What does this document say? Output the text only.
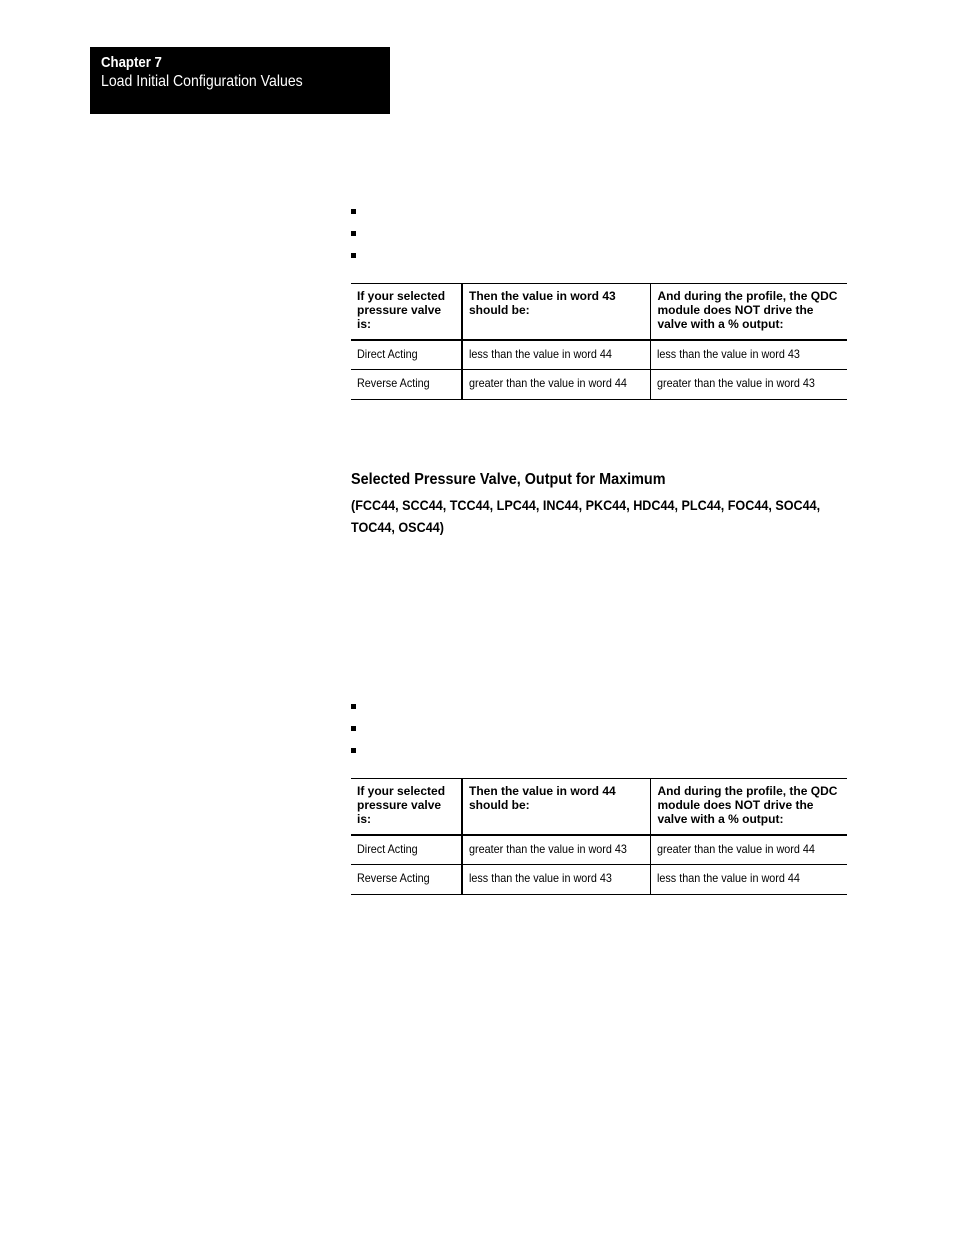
Chapter 7
Load Initial Configuration Values
If your selected pressure valve is:	Then the value in word 43 should be:	And during the profile, the QDC module does NOT drive the valve with a % output:
Direct Acting	less than the value in word 44	less than the value in word 43
Reverse Acting	greater than the value in word 44	greater than the value in word 43
Selected Pressure Valve, Output for Maximum
(FCC44, SCC44, TCC44, LPC44, INC44, PKC44, HDC44, PLC44, FOC44, SOC44, TOC44, OSC44)
If your selected pressure valve is:	Then the value in word 44 should be:	And during the profile, the QDC module does NOT drive the valve with a % output:
Direct Acting	greater than the value in word 43	greater than the value in word 44
Reverse Acting	less than the value in word 43	less than the value in word 44
